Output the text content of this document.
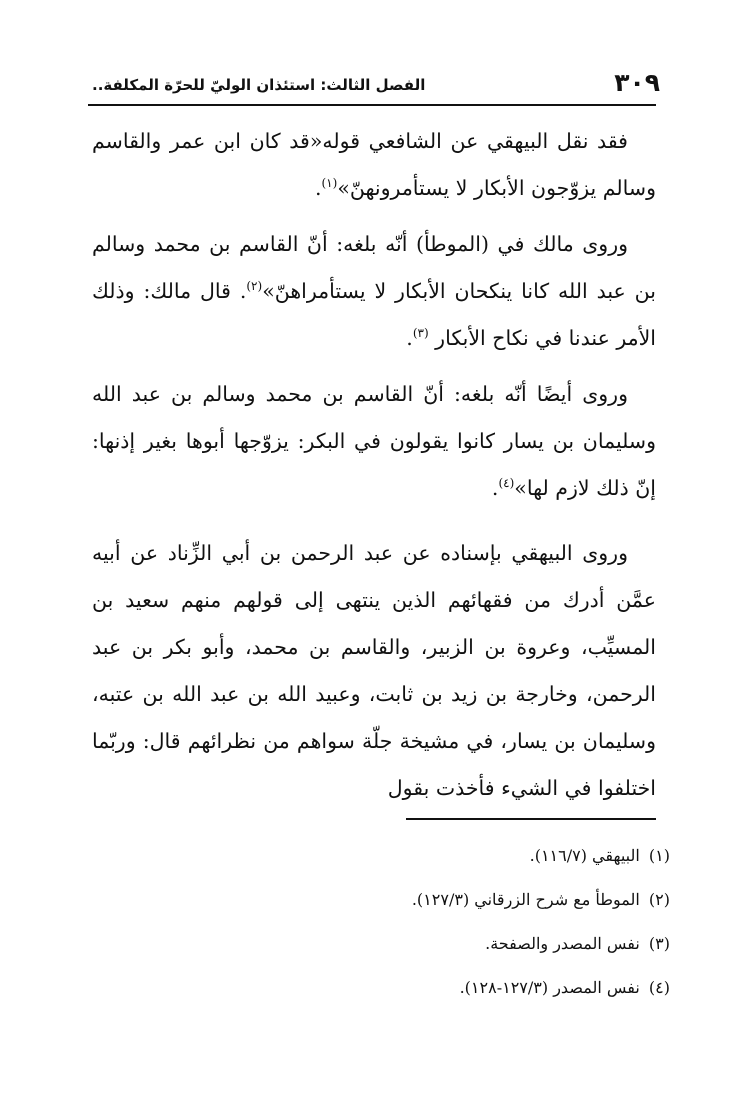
٣٠٩
الفصل الثالث: استئذان الوليّ للحرّة المكلفة..

فقد نقل البيهقي عن الشافعي قوله«قد كان ابن عمر والقاسم وسالم يزوّجون الأبكار لا يستأمرونهنّ»$^{(١)}$.

وروى مالك في (الموطأ) أنّه بلغه: أنّ القاسم بن محمد وسالم بن عبد الله كانا ينكحان الأبكار لا يستأمراهنّ»$^{(٢)}$. قال مالك: وذلك الأمر عندنا في نكاح الأبكار $^{(٣)}$.

وروى أيضًا أنّه بلغه: أنّ القاسم بن محمد وسالم بن عبد الله وسليمان بن يسار كانوا يقولون في البكر: يزوّجها أبوها بغير إذنها: إنّ ذلك لازم لها»$^{(٤)}$.

وروى البيهقي بإسناده عن عبد الرحمن بن أبي الزِّناد عن أبيه عمَّن أدرك من فقهائهم الذين ينتهى إلى قولهم منهم سعيد بن المسيِّب، وعروة بن الزبير، والقاسم بن محمد، وأبو بكر بن عبد الرحمن، وخارجة بن زيد بن ثابت، وعبيد الله بن عبد الله بن عتبه، وسليمان بن يسار، في مشيخة جلّة سواهم من نظرائهم قال: وربّما اختلفوا في الشيء فأخذت بقول

(١) البيهقي (١١٦/٧).
(٢) الموطأ مع شرح الزرقاني (١٢٧/٣).
(٣) نفس المصدر والصفحة.
(٤) نفس المصدر (١٢٧/٣-١٢٨).
